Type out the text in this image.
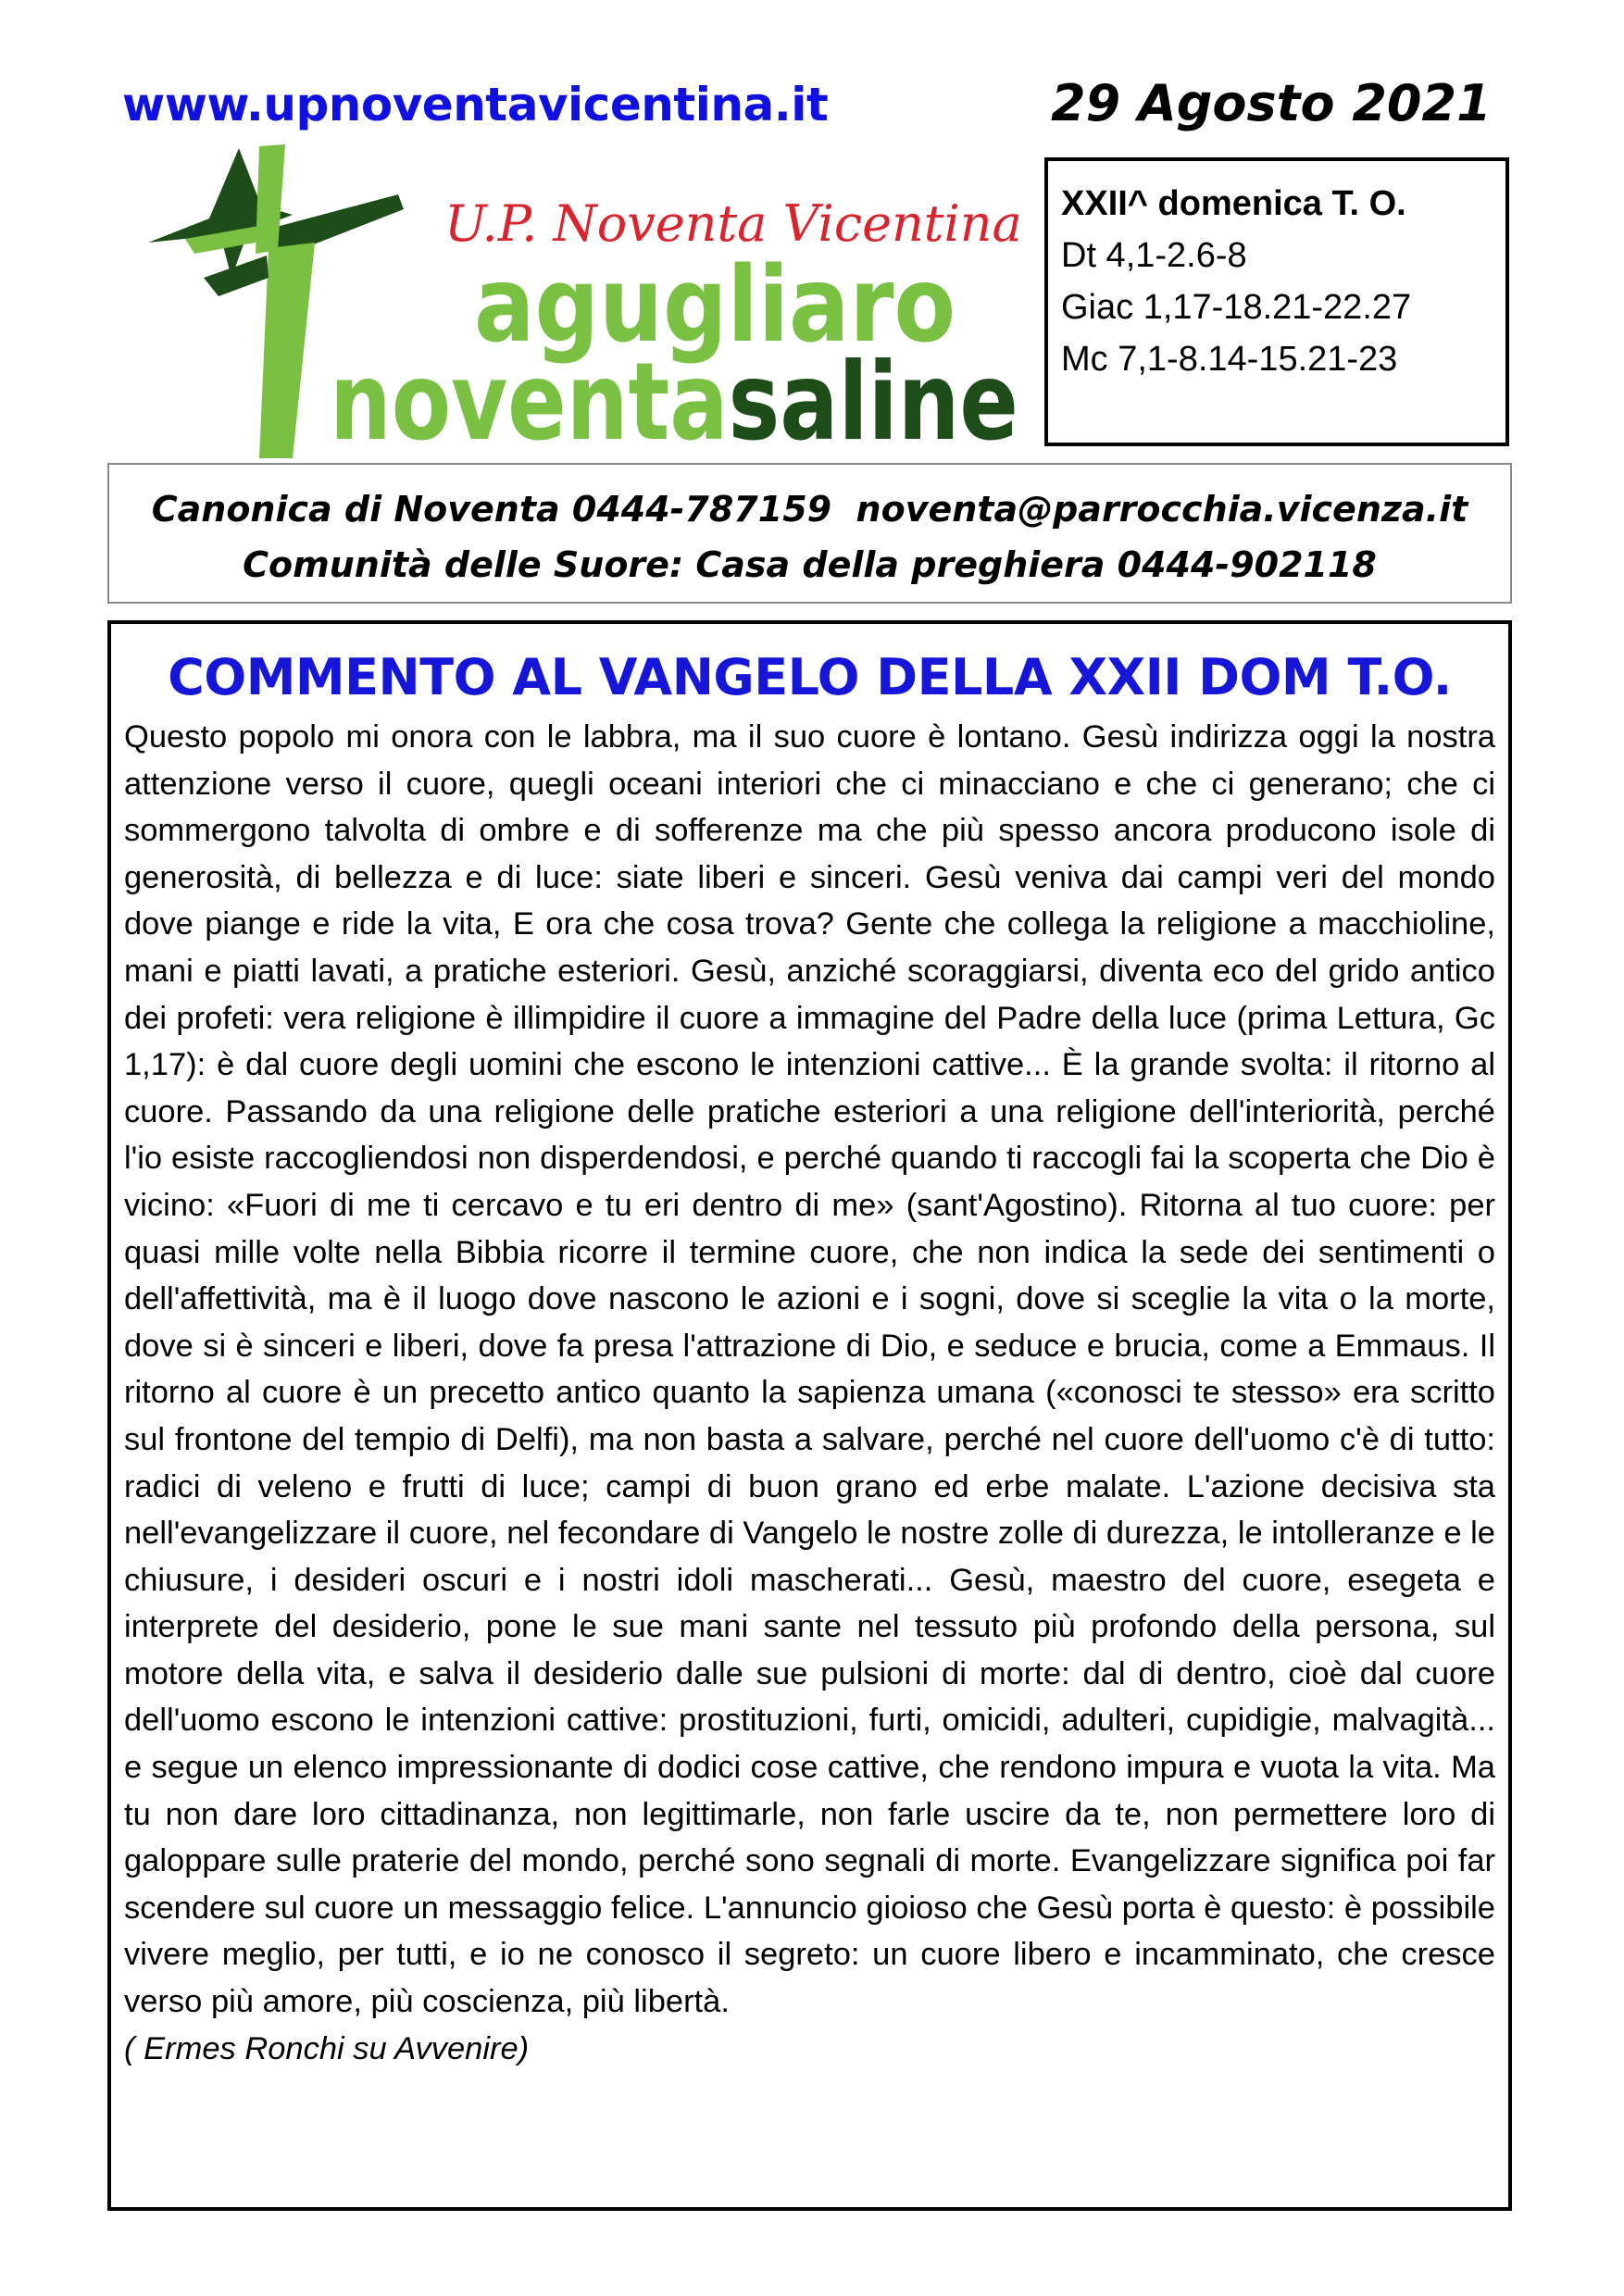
www.upnoventavicentina.it	29 Agosto 2021
U.P. Noventa Vicentina
agugliaro
noventasaline
XXII^ domenica T. O.
Dt 4,1-2.6-8
Giac 1,17-18.21-22.27
Mc 7,1-8.14-15.21-23
Canonica di Noventa 0444-787159  noventa@parrocchia.vicenza.it
Comunità delle Suore: Casa della preghiera 0444-902118
COMMENTO AL VANGELO DELLA XXII DOM T.O.

Questo popolo mi onora con le labbra, ma il suo cuore è lontano. Gesù indirizza oggi la nostra attenzione verso il cuore, quegli oceani interiori che ci minacciano e che ci generano; che ci sommergono talvolta di ombre e di sofferenze ma che più spesso ancora producono isole di generosità, di bellezza e di luce: siate liberi e sinceri. Gesù veniva dai campi veri del mondo dove piange e ride la vita, E ora che cosa trova? Gente che collega la religione a macchioline, mani e piatti lavati, a pratiche esteriori. Gesù, anziché scoraggiarsi, diventa eco del grido antico dei profeti: vera religione è illimpidire il cuore a immagine del Padre della luce (prima Lettura, Gc 1,17): è dal cuore degli uomini che escono le intenzioni cattive... È la grande svolta: il ritorno al cuore. Passando da una religione delle pratiche esteriori a una religione dell'interiorità, perché l'io esiste raccogliendosi non disperdendosi, e perché quando ti raccogli fai la scoperta che Dio è vicino: «Fuori di me ti cercavo e tu eri dentro di me» (sant'Agostino). Ritorna al tuo cuore: per quasi mille volte nella Bibbia ricorre il termine cuore, che non indica la sede dei sentimenti o dell'affettività, ma è il luogo dove nascono le azioni e i sogni, dove si sceglie la vita o la morte, dove si è sinceri e liberi, dove fa presa l'attrazione di Dio, e seduce e brucia, come a Emmaus. Il ritorno al cuore è un precetto antico quanto la sapienza umana («conosci te stesso» era scritto sul frontone del tempio di Delfi), ma non basta a salvare, perché nel cuore dell'uomo c'è di tutto: radici di veleno e frutti di luce; campi di buon grano ed erbe malate. L'azione decisiva sta nell'evangelizzare il cuore, nel fecondare di Vangelo le nostre zolle di durezza, le intolleranze e le chiusure, i desideri oscuri e i nostri idoli mascherati... Gesù, maestro del cuore, esegeta e interprete del desiderio, pone le sue mani sante nel tessuto più profondo della persona, sul motore della vita, e salva il desiderio dalle sue pulsioni di morte: dal di dentro, cioè dal cuore dell'uomo escono le intenzioni cattive: prostituzioni, furti, omicidi, adulteri, cupidigie, malvagità... e segue un elenco impressionante di dodici cose cattive, che rendono impura e vuota la vita. Ma tu non dare loro cittadinanza, non legittimarle, non farle uscire da te, non permettere loro di galoppare sulle praterie del mondo, perché sono segnali di morte. Evangelizzare significa poi far scendere sul cuore un messaggio felice. L'annuncio gioioso che Gesù porta è questo: è possibile vivere meglio, per tutti, e io ne conosco il segreto: un cuore libero e incamminato, che cresce verso più amore, più coscienza, più libertà.

( Ermes Ronchi su Avvenire)
